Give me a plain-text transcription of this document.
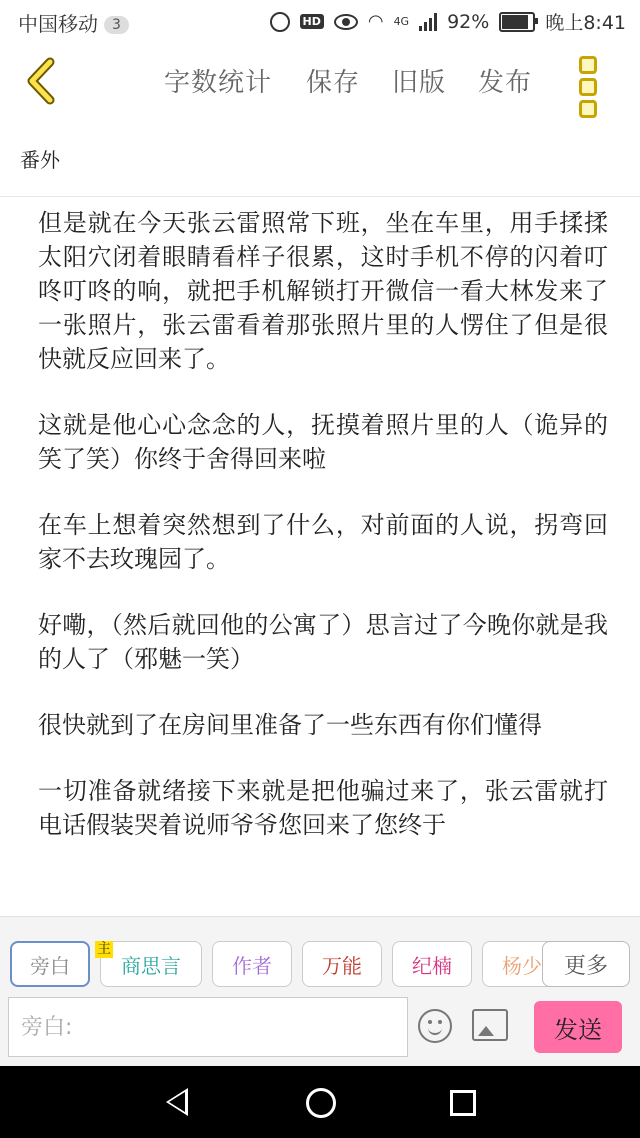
中国移动 3	HD	◠ 4G 92%	晚上8:41
字数统计 保存 旧版 发布
番外

但是就在今天张云雷照常下班，坐在车里，用手揉揉太阳穴闭着眼睛看样子很累，这时手机不停的闪着叮咚叮咚的响，就把手机解锁打开微信一看大林发来了一张照片，张云雷看着那张照片里的人愣住了但是很快就反应回来了。

这就是他心心念念的人，抚摸着照片里的人（诡异的笑了笑）你终于舍得回来啦

在车上想着突然想到了什么，对前面的人说，拐弯回家不去玫瑰园了。

好嘞，（然后就回他的公寓了）思言过了今晚你就是我的人了（邪魅一笑）

很快就到了在房间里准备了一些东西有你们懂得

一切准备就绪接下来就是把他骗过来了，张云雷就打电话假装哭着说师爷爷您回来了您终于

旁白
主
商思言	作者	万能	纪楠	杨少 更多
旁白:
发送
